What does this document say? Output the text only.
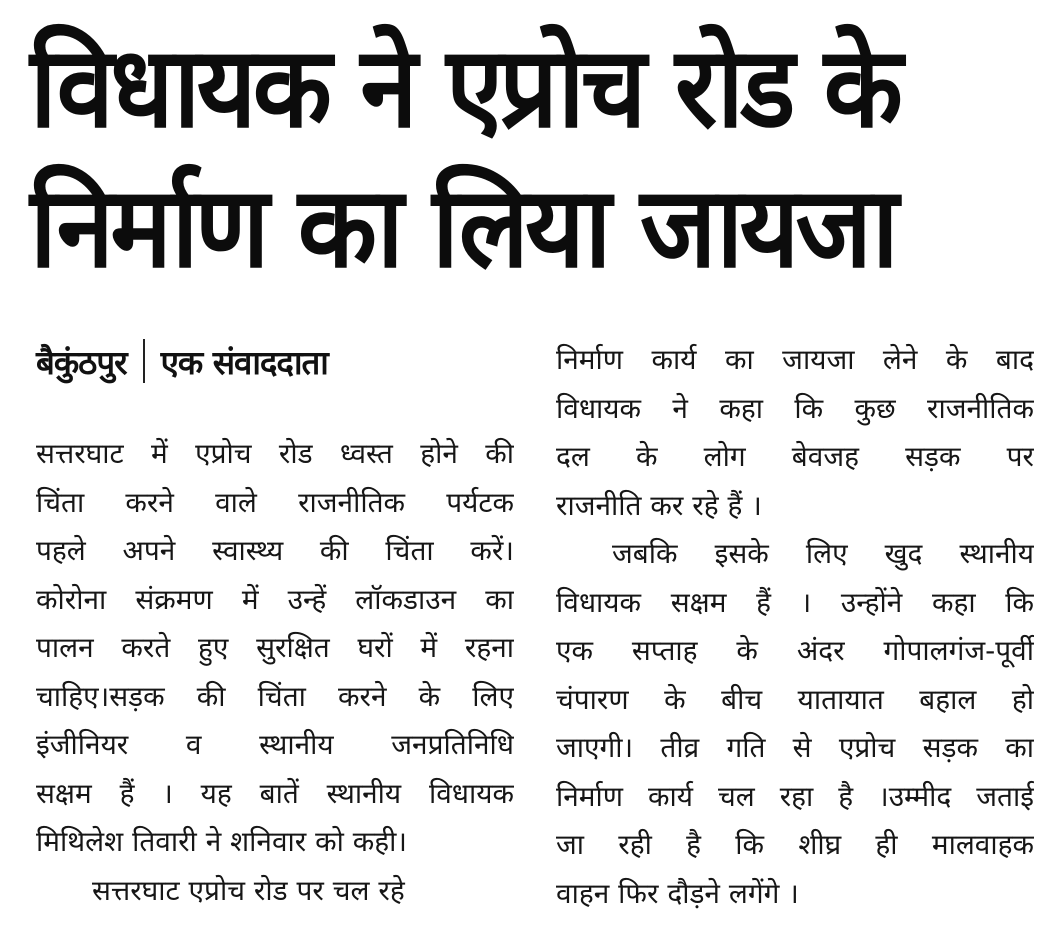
विधायक ने एप्रोच रोड के
निर्माण का लिया जायजा
बैकुंठपुर एक संवाददाता
सत्तरघाट में एप्रोच रोड ध्वस्त होने की
चिंता करने वाले राजनीतिक पर्यटक
पहले अपने स्वास्थ्य की चिंता करें।
कोरोना संक्रमण में उन्हें लॉकडाउन का
पालन करते हुए सुरक्षित घरों में रहना
चाहिए।सड़क की चिंता करने के लिए
इंजीनियर व स्थानीय जनप्रतिनिधि
सक्षम हैं । यह बातें स्थानीय विधायक
मिथिलेश तिवारी ने शनिवार को कही।
सत्तरघाट एप्रोच रोड पर चल रहे
निर्माण कार्य का जायजा लेने के बाद
विधायक ने कहा कि कुछ राजनीतिक
दल के लोग बेवजह सड़क पर
राजनीति कर रहे हैं ।
जबकि इसके लिए खुद स्थानीय
विधायक सक्षम हैं । उन्होंने कहा कि
एक सप्ताह के अंदर गोपालगंज-पूर्वी
चंपारण के बीच यातायात बहाल हो
जाएगी। तीव्र गति से एप्रोच सड़क का
निर्माण कार्य चल रहा है ।उम्मीद जताई
जा रही है कि शीघ्र ही मालवाहक
वाहन फिर दौड़ने लगेंगे ।
